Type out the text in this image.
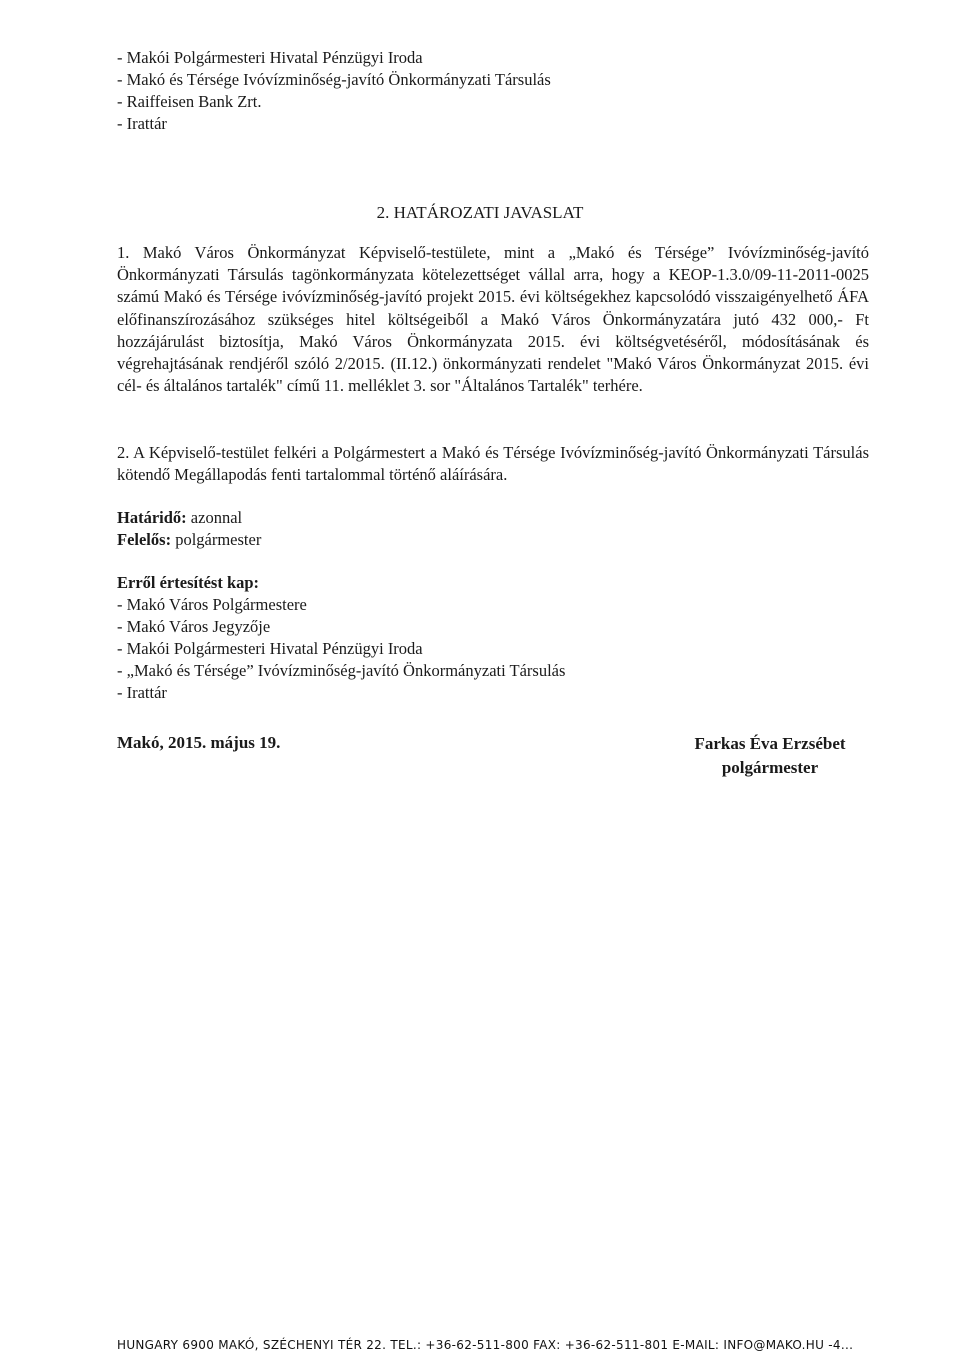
- Makói Polgármesteri Hivatal Pénzügyi Iroda
- Makó és Térsége Ivóvízminőség-javító Önkormányzati Társulás
- Raiffeisen Bank Zrt.
- Irattár
2. HATÁROZATI JAVASLAT

1. Makó Város Önkormányzat Képviselő-testülete, mint a „Makó és Térsége” Ivóvízminőség-javító Önkormányzati Társulás tagönkormányzata kötelezettséget vállal arra, hogy a KEOP-1.3.0/09-11-2011-0025 számú Makó és Térsége ivóvízminőség-javító projekt 2015. évi költségekhez kapcsolódó visszaigényelhető ÁFA előfinanszírozásához szükséges hitel költségeiből a Makó Város Önkormányzatára jutó 432 000,- Ft hozzájárulást biztosítja, Makó Város Önkormányzata 2015. évi költségvetéséről, módosításának és végrehajtásának rendjéről szóló 2/2015. (II.12.) önkormányzati rendelet "Makó Város Önkormányzat 2015. évi cél- és általános tartalék" című 11. melléklet 3. sor "Általános Tartalék" terhére.

2. A Képviselő-testület felkéri a Polgármestert a Makó és Térsége Ivóvízminőség-javító Önkormányzati Társulás kötendő Megállapodás fenti tartalommal történő aláírására.

Határidő: azonnal
Felelős: polgármester
Erről értesítést kap:
- Makó Város Polgármestere
- Makó Város Jegyzője
- Makói Polgármesteri Hivatal Pénzügyi Iroda
- „Makó és Térsége” Ivóvízminőség-javító Önkormányzati Társulás
- Irattár
Makó, 2015. május 19.	Farkas Éva Erzsébet
polgármester
HUNGARY 6900 MAKÓ, SZÉCHENYI TÉR 22. TEL.: +36-62-511-800 FAX: +36-62-511-801 E-MAIL: INFO@MAKO.HU -4...
